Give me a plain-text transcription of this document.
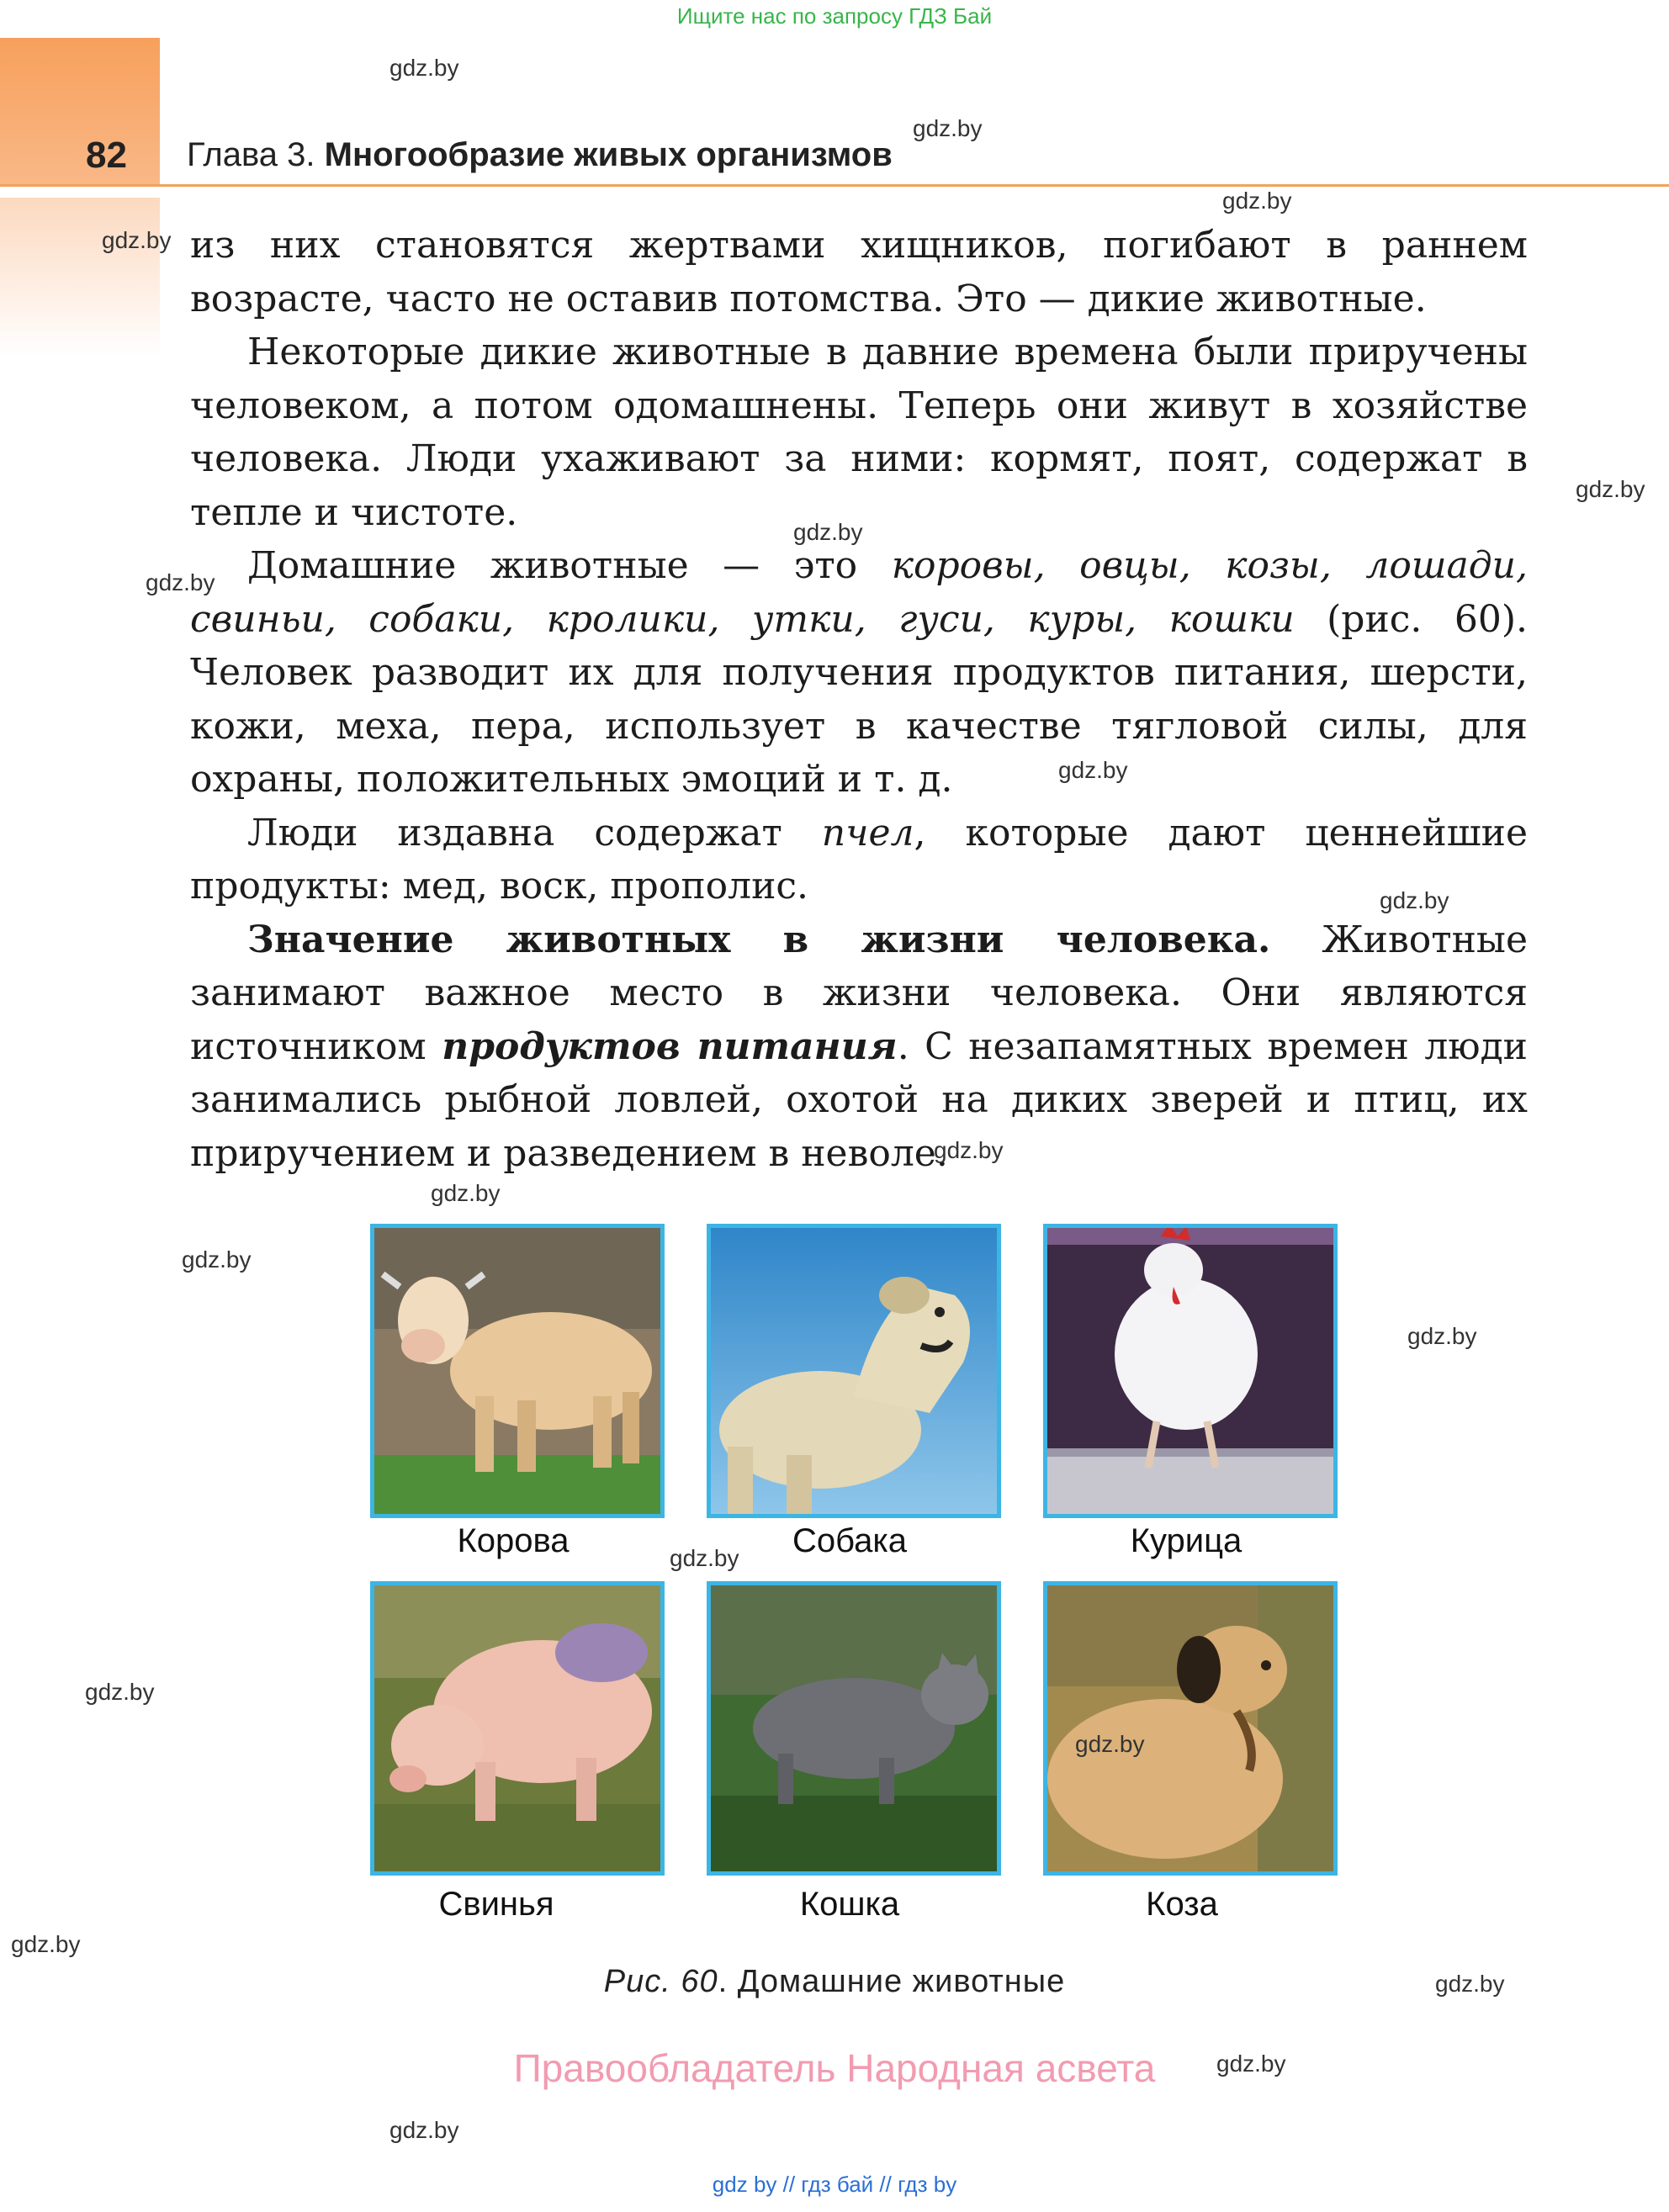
Ищите нас по запросу ГДЗ Бай
82 Глава 3. Многообразие живых организмов

из них становятся жертвами хищников, погибают в раннем возрасте, часто не оставив потомства. Это — дикие животные.

Некоторые дикие животные в давние времена были приручены человеком, а потом одомашнены. Теперь они живут в хозяйстве человека. Люди ухаживают за ними: кормят, поят, содержат в тепле и чистоте.

Домашние животные — это коровы, овцы, козы, лошади, свиньи, собаки, кролики, утки, гуси, куры, кошки (рис. 60). Человек разводит их для получения продуктов питания, шерсти, кожи, меха, пера, использует в качестве тягловой силы, для охраны, положительных эмоций и т. д.

Люди издавна содержат пчел, которые дают ценнейшие продукты: мед, воск, прополис.

Значение животных в жизни человека. Животные занимают важное место в жизни человека. Они являются источником продуктов питания. С незапамятных времен люди занимались рыбной ловлей, охотой на диких зверей и птиц, их приручением и разведением в неволе.

Корова	Собака	Курица
Свинья	Кошка	Коза
Рис. 60. Домашние животные
Правообладатель Народная асвета
gdz by // гдз бай // гдз by
gdz.by
gdz.by
gdz.by
gdz.by
gdz.by
gdz.by
gdz.by
gdz.by
gdz.by
gdz.by
gdz.by
gdz.by
gdz.by
gdz.by
gdz.by
gdz.by
gdz.by
gdz.by
gdz.by
gdz.by
